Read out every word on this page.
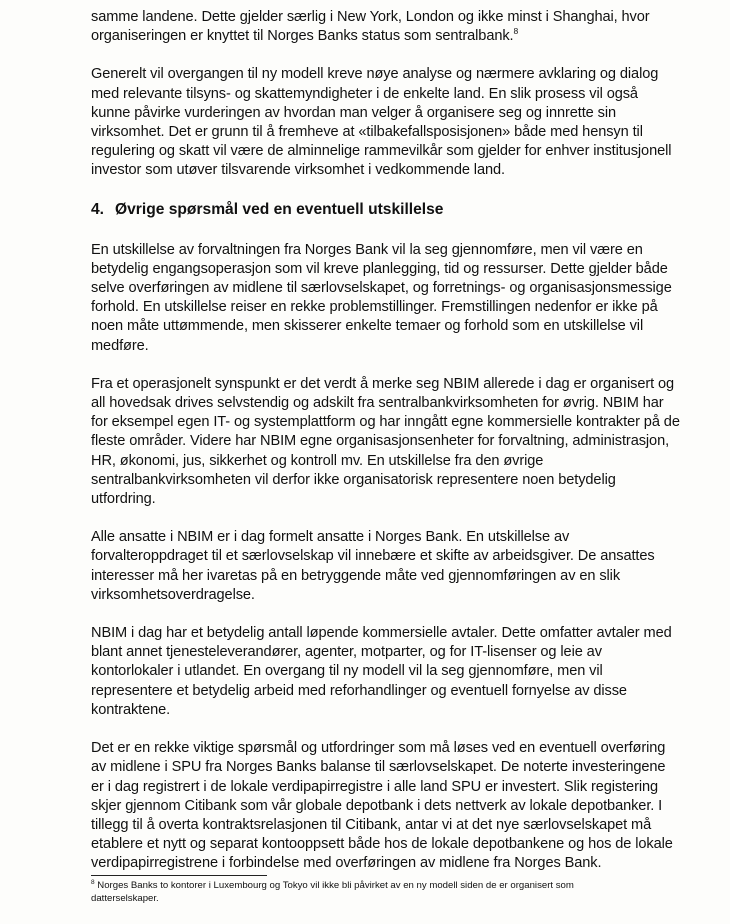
samme landene. Dette gjelder særlig i New York, London og ikke minst i Shanghai, hvor
organiseringen er knyttet til Norges Banks status som sentralbank.$^8$

Generelt vil overgangen til ny modell kreve nøye analyse og nærmere avklaring og dialog
med relevante tilsyns- og skattemyndigheter i de enkelte land. En slik prosess vil også
kunne påvirke vurderingen av hvordan man velger å organisere seg og innrette sin
virksomhet. Det er grunn til å fremheve at «tilbakefallsposisjonen» både med hensyn til
regulering og skatt vil være de alminnelige rammevilkår som gjelder for enhver institusjonell
investor som utøver tilsvarende virksomhet i vedkommende land.

4. Øvrige spørsmål ved en eventuell utskillelse

En utskillelse av forvaltningen fra Norges Bank vil la seg gjennomføre, men vil være en
betydelig engangsoperasjon som vil kreve planlegging, tid og ressurser. Dette gjelder både
selve overføringen av midlene til særlovselskapet, og forretnings- og organisasjonsmessige
forhold. En utskillelse reiser en rekke problemstillinger. Fremstillingen nedenfor er ikke på
noen måte uttømmende, men skisserer enkelte temaer og forhold som en utskillelse vil
medføre.

Fra et operasjonelt synspunkt er det verdt å merke seg NBIM allerede i dag er organisert og
all hovedsak drives selvstendig og adskilt fra sentralbankvirksomheten for øvrig. NBIM har
for eksempel egen IT- og systemplattform og har inngått egne kommersielle kontrakter på de
fleste områder. Videre har NBIM egne organisasjonsenheter for forvaltning, administrasjon,
HR, økonomi, jus, sikkerhet og kontroll mv. En utskillelse fra den øvrige
sentralbankvirksomheten vil derfor ikke organisatorisk representere noen betydelig
utfordring.

Alle ansatte i NBIM er i dag formelt ansatte i Norges Bank. En utskillelse av
forvalteroppdraget til et særlovselskap vil innebære et skifte av arbeidsgiver. De ansattes
interesser må her ivaretas på en betryggende måte ved gjennomføringen av en slik
virksomhetsoverdragelse.

NBIM i dag har et betydelig antall løpende kommersielle avtaler. Dette omfatter avtaler med
blant annet tjenesteleverandører, agenter, motparter, og for IT-lisenser og leie av
kontorlokaler i utlandet. En overgang til ny modell vil la seg gjennomføre, men vil
representere et betydelig arbeid med reforhandlinger og eventuell fornyelse av disse
kontraktene.

Det er en rekke viktige spørsmål og utfordringer som må løses ved en eventuell overføring
av midlene i SPU fra Norges Banks balanse til særlovselskapet. De noterte investeringene
er i dag registrert i de lokale verdipapirregistre i alle land SPU er investert. Slik registering
skjer gjennom Citibank som vår globale depotbank i dets nettverk av lokale depotbanker. I
tillegg til å overta kontraktsrelasjonen til Citibank, antar vi at det nye særlovselskapet må
etablere et nytt og separat kontooppsett både hos de lokale depotbankene og hos de lokale
verdipapirregistrene i forbindelse med overføringen av midlene fra Norges Bank.

$^8$ Norges Banks to kontorer i Luxembourg og Tokyo vil ikke bli påvirket av en ny modell siden de er organisert som
datterselskaper.
